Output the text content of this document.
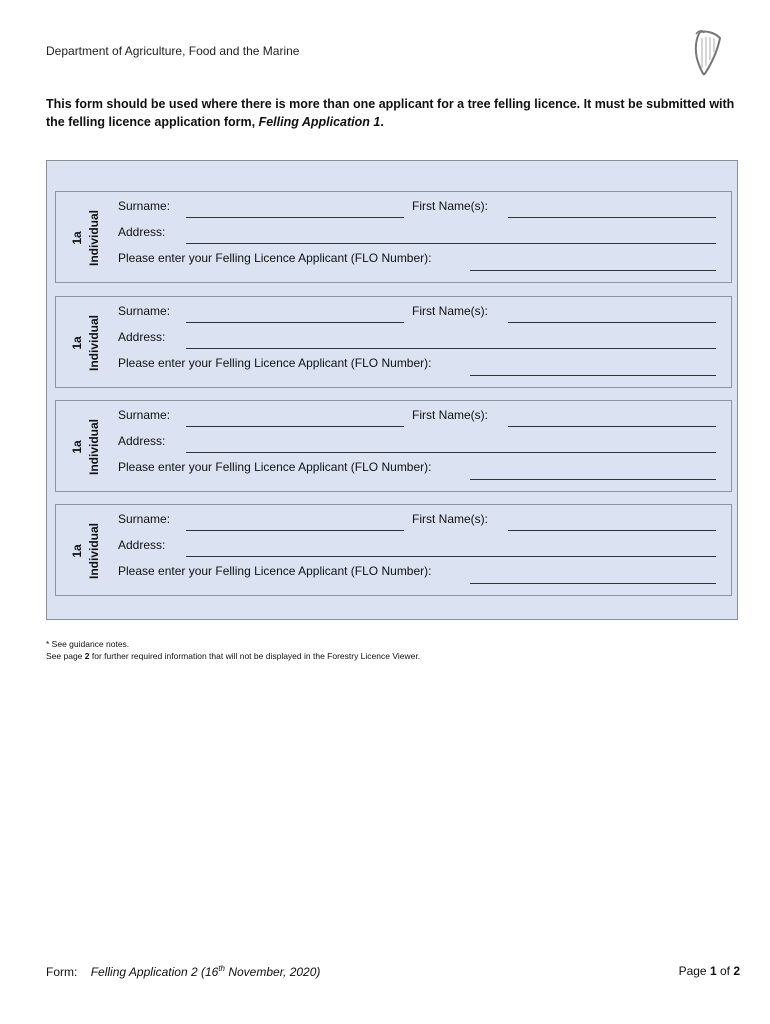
Department of Agriculture, Food and the Marine
This form should be used where there is more than one applicant for a tree felling licence. It must be submitted with the felling licence application form, Felling Application 1.
1a Individual
Surname:	First Name(s):
Address:
Please enter your Felling Licence Applicant (FLO Number):
1a Individual
Surname:	First Name(s):
Address:
Please enter your Felling Licence Applicant (FLO Number):
1a Individual
Surname:	First Name(s):
Address:
Please enter your Felling Licence Applicant (FLO Number):
1a Individual
Surname:	First Name(s):
Address:
Please enter your Felling Licence Applicant (FLO Number):
* See guidance notes.
See page 2 for further required information that will not be displayed in the Forestry Licence Viewer.
Form: Felling Application 2 (16th November, 2020)	Page 1 of 2
